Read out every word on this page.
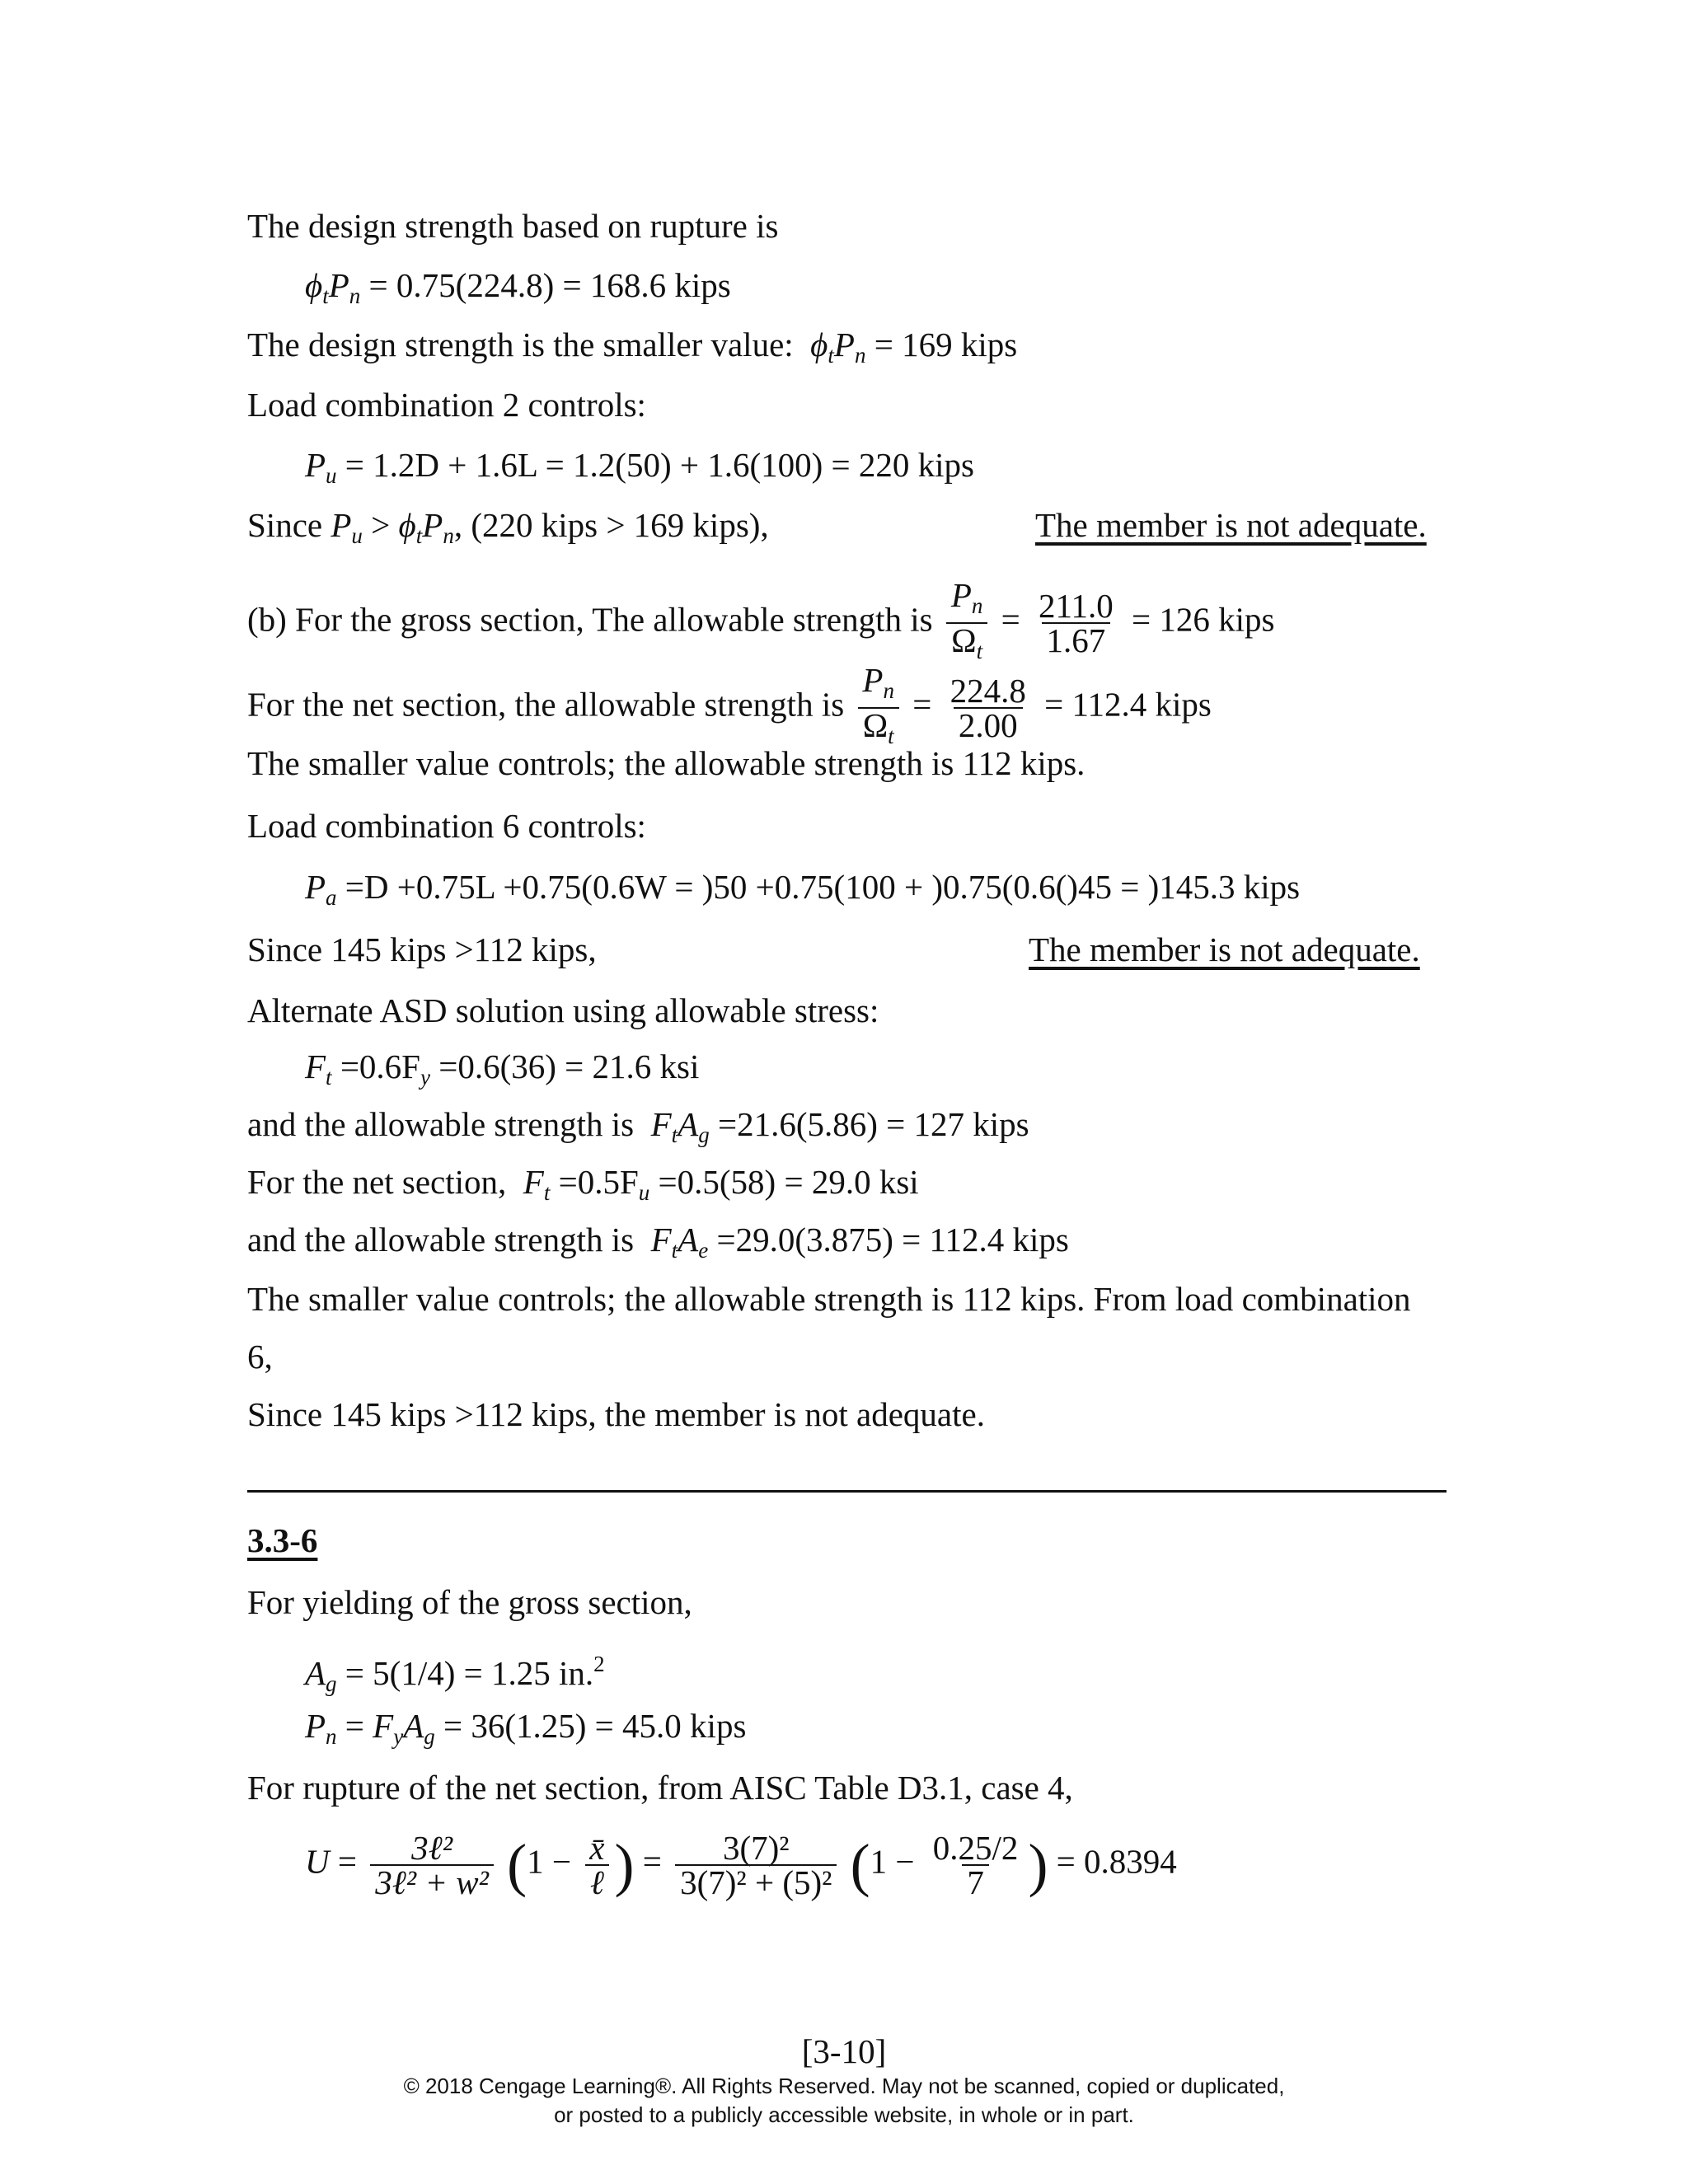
The design strength based on rupture is
$\phi_tP_n = 0.75(224.8) = 168.6$ kips
The design strength is the smaller value: $\phi_tP_n = 169$ kips
Load combination 2 controls:
$P_u = 1.2D + 1.6L = 1.2(50) + 1.6(100) = 220$ kips
Since $P_u > \phi_tP_n$, (220 kips > 169 kips),	The member is not adequate.
(b) For the gross section, The allowable strength is $\frac{P_n}{\Omega_t} = \frac{211.0}{1.67} = 126$ kips
For the net section, the allowable strength is $\frac{P_n}{\Omega_t} = \frac{224.8}{2.00} = 112.4$ kips
The smaller value controls; the allowable strength is 112 kips.
Load combination 6 controls:
$P_a =D +0.75L +0.75(0.6W = )50 +0.75(100 + )0.75(0.6()45 = )145.3$ kips
Since 145 kips >112 kips,	The member is not adequate.
Alternate ASD solution using allowable stress:
$F_t =0.6F_y =0.6(36) = 21.6$ ksi
and the allowable strength is $F_tA_g =21.6(5.86) = 127$ kips
For the net section, $F_t =0.5F_u =0.5(58) = 29.0$ ksi
and the allowable strength is $F_tA_e =29.0(3.875) = 112.4$ kips
The smaller value controls; the allowable strength is 112 kips. From load combination
6,
Since 145 kips >112 kips, the member is not adequate.
3.3-6
For yielding of the gross section,
$A_g = 5(1/4) = 1.25$ in.$^2$
$P_n = F_yA_g = 36(1.25) = 45.0$ kips
For rupture of the net section, from AISC Table D3.1, case 4,
$U = \frac{\text{3ℓ²}}{\text{3ℓ² + w²}} (1 - \frac{x̄}{\text{ℓ}}$ ) = $\frac{\text{3(7)²}}{\text{3(7)² + (5)²}} (1 - \frac{0.25/2}{7}$ ) = 0.8394
[3-10]
© 2018 Cengage Learning®. All Rights Reserved. May not be scanned, copied or duplicated,
or posted to a publicly accessible website, in whole or in part.
